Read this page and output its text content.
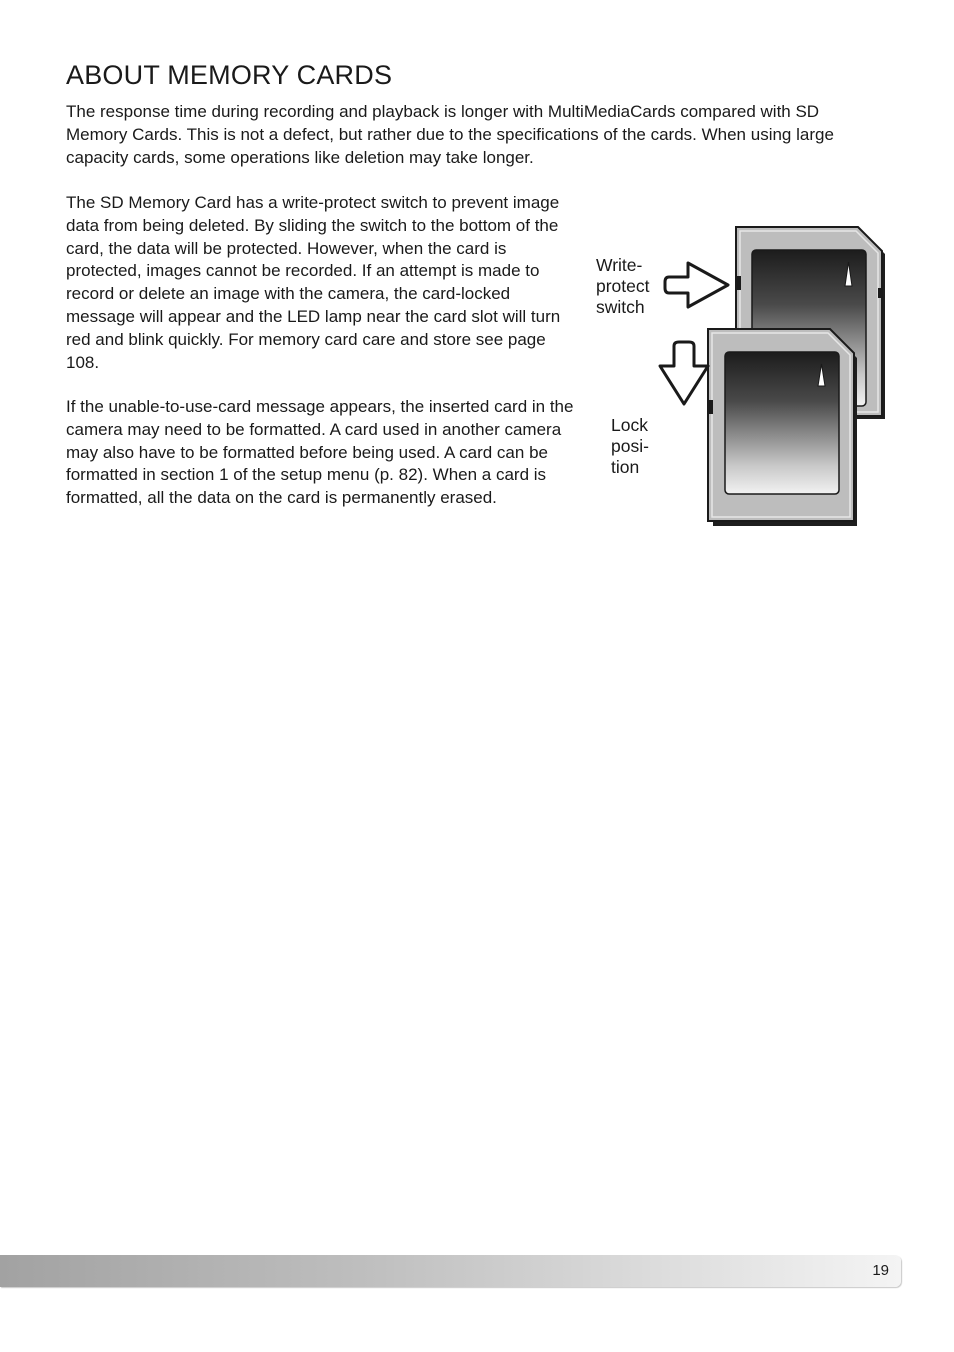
ABOUT MEMORY CARDS

The response time during recording and playback is longer with MultiMediaCards compared with SD Memory Cards. This is not a defect, but rather due to the specifications of the cards. When using large capacity cards, some operations like deletion may take longer.

The SD Memory Card has a write-protect switch to prevent image data from being deleted. By sliding the switch to the bottom of the card, the data will be protected. However, when the card is protected, images cannot be recorded. If an attempt is made to record or delete an image with the camera, the card-locked message will appear and the LED lamp near the card slot will turn red and blink quickly. For memory card care and store see page 108.

If the unable-to-use-card message appears, the inserted card in the camera may need to be formatted. A card used in another camera may also have to be formatted before being used. A card can be formatted in section 1 of the setup menu (p. 82). When a card is formatted, all the data on the card is permanently erased.

Write-
protect
switch

Lock
posi-
tion

19
